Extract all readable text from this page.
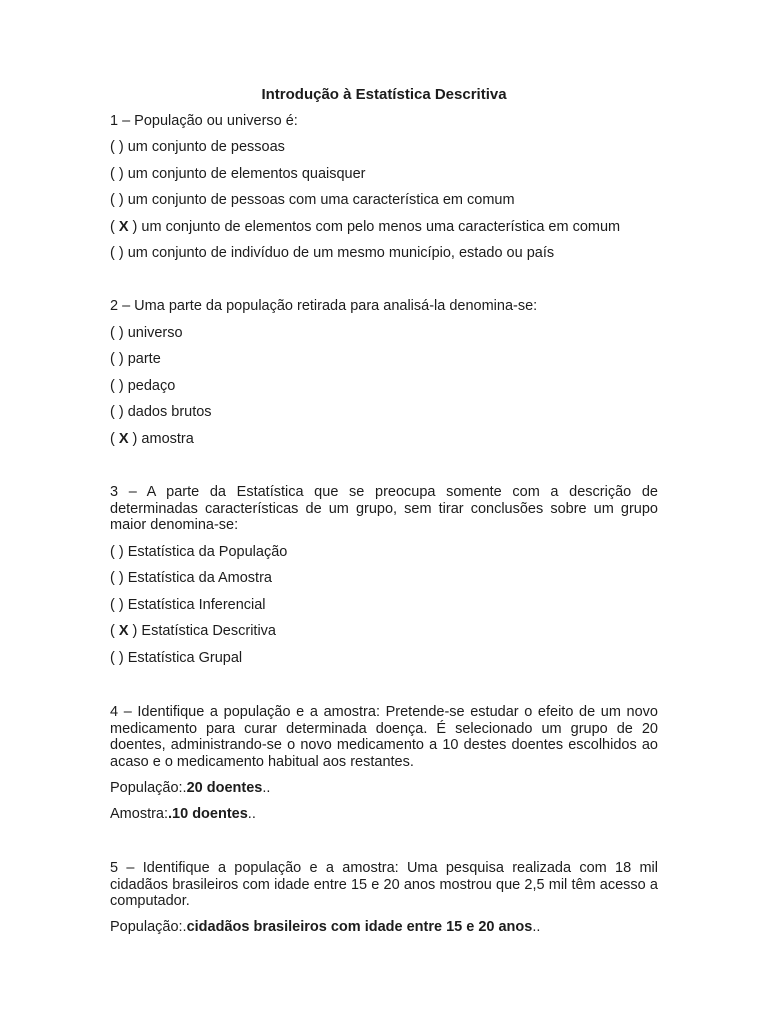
Introdução à Estatística Descritiva
1 – População ou universo é:
( ) um conjunto de pessoas
( ) um conjunto de elementos quaisquer
( ) um conjunto de pessoas com uma característica em comum
( X ) um conjunto de elementos com pelo menos uma característica em comum
( ) um conjunto de indivíduo de um mesmo município, estado ou país
2 – Uma parte da população retirada para analisá-la denomina-se:
( ) universo
( ) parte
( ) pedaço
( ) dados brutos
( X ) amostra
3 – A parte da Estatística que se preocupa somente com a descrição de determinadas características de um grupo, sem tirar conclusões sobre um grupo maior denomina-se:
( ) Estatística da População
( ) Estatística da Amostra
( ) Estatística Inferencial
( X ) Estatística Descritiva
( ) Estatística Grupal
4 – Identifique a população e a amostra: Pretende-se estudar o efeito de um novo medicamento para curar determinada doença. É selecionado um grupo de 20 doentes, administrando-se o novo medicamento a 10 destes doentes escolhidos ao acaso e o medicamento habitual aos restantes.
População:.20 doentes..
Amostra:.10 doentes..
5 – Identifique a população e a amostra: Uma pesquisa realizada com 18 mil cidadãos brasileiros com idade entre 15 e 20 anos mostrou que 2,5 mil têm acesso a computador.
População:.cidadãos brasileiros com idade entre 15 e 20 anos..
